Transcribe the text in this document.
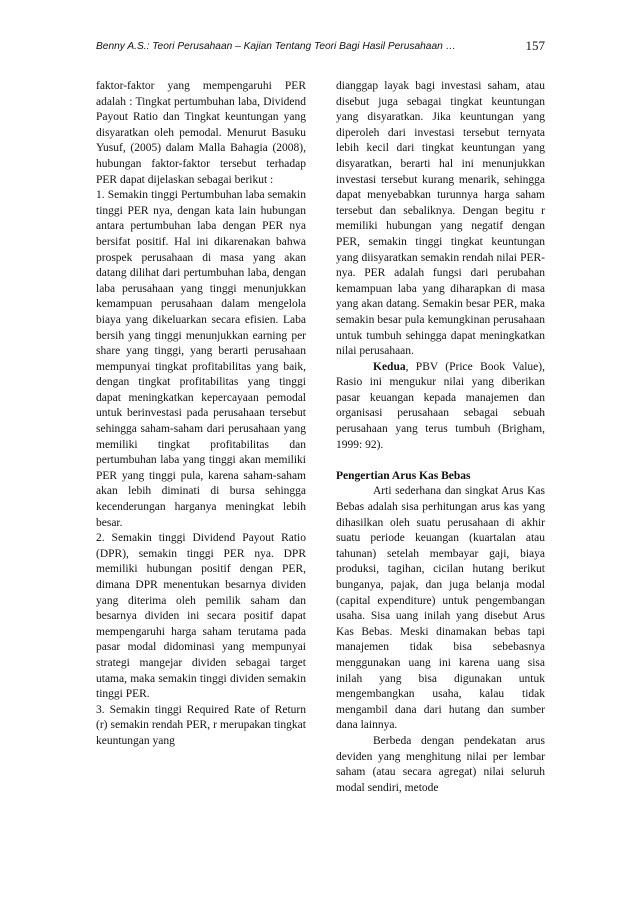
Benny A.S.: Teori Perusahaan – Kajian Tentang Teori Bagi Hasil Perusahaan …	157

faktor-faktor yang mempengaruhi PER adalah : Tingkat pertumbuhan laba, Dividend Payout Ratio dan Tingkat keuntungan yang disyaratkan oleh pemodal. Menurut Basuku Yusuf, (2005) dalam Malla Bahagia (2008), hubungan faktor-faktor tersebut terhadap PER dapat dijelaskan sebagai berikut :

1. Semakin tinggi Pertumbuhan laba semakin tinggi PER nya, dengan kata lain hubungan antara pertumbuhan laba dengan PER nya bersifat positif. Hal ini dikarenakan bahwa prospek perusahaan di masa yang akan datang dilihat dari pertumbuhan laba, dengan laba perusahaan yang tinggi menunjukkan kemampuan perusahaan dalam mengelola biaya yang dikeluarkan secara efisien. Laba bersih yang tinggi menunjukkan earning per share yang tinggi, yang berarti perusahaan mempunyai tingkat profitabilitas yang baik, dengan tingkat profitabilitas yang tinggi dapat meningkatkan kepercayaan pemodal untuk berinvestasi pada perusahaan tersebut sehingga saham-saham dari perusahaan yang memiliki tingkat profitabilitas dan pertumbuhan laba yang tinggi akan memiliki PER yang tinggi pula, karena saham-saham akan lebih diminati di bursa sehingga kecenderungan harganya meningkat lebih besar.

2. Semakin tinggi Dividend Payout Ratio (DPR), semakin tinggi PER nya. DPR memiliki hubungan positif dengan PER, dimana DPR menentukan besarnya dividen yang diterima oleh pemilik saham dan besarnya dividen ini secara positif dapat mempengaruhi harga saham terutama pada pasar modal didominasi yang mempunyai strategi mangejar dividen sebagai target utama, maka semakin tinggi dividen semakin tinggi PER.

3. Semakin tinggi Required Rate of Return (r) semakin rendah PER, r merupakan tingkat keuntungan yang

dianggap layak bagi investasi saham, atau disebut juga sebagai tingkat keuntungan yang disyaratkan. Jika keuntungan yang diperoleh dari investasi tersebut ternyata lebih kecil dari tingkat keuntungan yang disyaratkan, berarti hal ini menunjukkan investasi tersebut kurang menarik, sehingga dapat menyebabkan turunnya harga saham tersebut dan sebaliknya. Dengan begitu r memiliki hubungan yang negatif dengan PER, semakin tinggi tingkat keuntungan yang diisyaratkan semakin rendah nilai PER-nya. PER adalah fungsi dari perubahan kemampuan laba yang diharapkan di masa yang akan datang. Semakin besar PER, maka semakin besar pula kemungkinan perusahaan untuk tumbuh sehingga dapat meningkatkan nilai perusahaan.

Kedua, PBV (Price Book Value), Rasio ini mengukur nilai yang diberikan pasar keuangan kepada manajemen dan organisasi perusahaan sebagai sebuah perusahaan yang terus tumbuh (Brigham, 1999: 92).

Pengertian Arus Kas Bebas

Arti sederhana dan singkat Arus Kas Bebas adalah sisa perhitungan arus kas yang dihasilkan oleh suatu perusahaan di akhir suatu periode keuangan (kuartalan atau tahunan) setelah membayar gaji, biaya produksi, tagihan, cicilan hutang berikut bunganya, pajak, dan juga belanja modal (capital expenditure) untuk pengembangan usaha. Sisa uang inilah yang disebut Arus Kas Bebas. Meski dinamakan bebas tapi manajemen tidak bisa sebebasnya menggunakan uang ini karena uang sisa inilah yang bisa digunakan untuk mengembangkan usaha, kalau tidak mengambil dana dari hutang dan sumber dana lainnya.

Berbeda dengan pendekatan arus deviden yang menghitung nilai per lembar saham (atau secara agregat) nilai seluruh modal sendiri, metode
